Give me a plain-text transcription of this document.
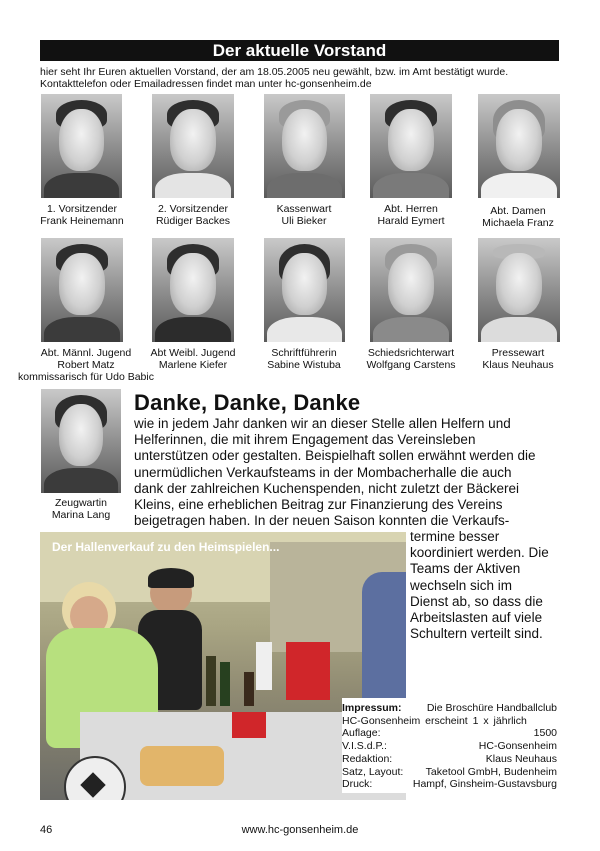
Der aktuelle Vorstand
hier seht Ihr Euren aktuellen Vorstand, der am 18.05.2005 neu gewählt, bzw. im Amt bestätigt wurde.
Kontakttelefon oder Emailadressen findet man unter hc-gonsenheim.de
1. Vorsitzender
Frank Heinemann
2. Vorsitzender
Rüdiger Backes
Kassenwart
Uli Bieker
Abt. Herren
Harald Eymert
Abt. Damen
Michaela Franz
Abt. Männl. Jugend
Robert Matz
kommissarisch für Udo Babic
Abt Weibl. Jugend
Marlene Kiefer
Schriftführerin
Sabine Wistuba
Schiedsrichterwart
Wolfgang Carstens
Pressewart
Klaus Neuhaus
Zeugwartin
Marina Lang
Danke, Danke, Danke
wie in jedem Jahr danken wir an dieser Stelle allen Helfern und
Helferinnen, die mit ihrem Engagement das Vereinsleben
unterstützen oder gestalten. Beispielhaft sollen erwähnt werden die
unermüdlichen Verkaufsteams in der Mombacherhalle die auch
dank der zahlreichen Kuchenspenden, nicht zuletzt der Bäckerei
Kleins, eine erheblichen Beitrag zur Finanzierung des Vereins
beigetragen haben. In der neuen Saison konnten die Verkaufs-
termine besser
koordiniert werden. Die
Teams der Aktiven
wechseln sich im
Dienst ab, so dass die
Arbeitslasten auf viele
Schultern verteilt sind.
Der Hallenverkauf zu den Heimspielen...
Impressum: Die Broschüre Handballclub
HC-Gonsenheim erscheint 1 x jährlich
Auflage:	1500
V.I.S.d.P.:	HC-Gonsenheim
Redaktion:	Klaus Neuhaus
Satz, Layout: Taketool GmbH, Budenheim
Druck:	Hampf, Ginsheim-Gustavsburg
46	www.hc-gonsenheim.de
